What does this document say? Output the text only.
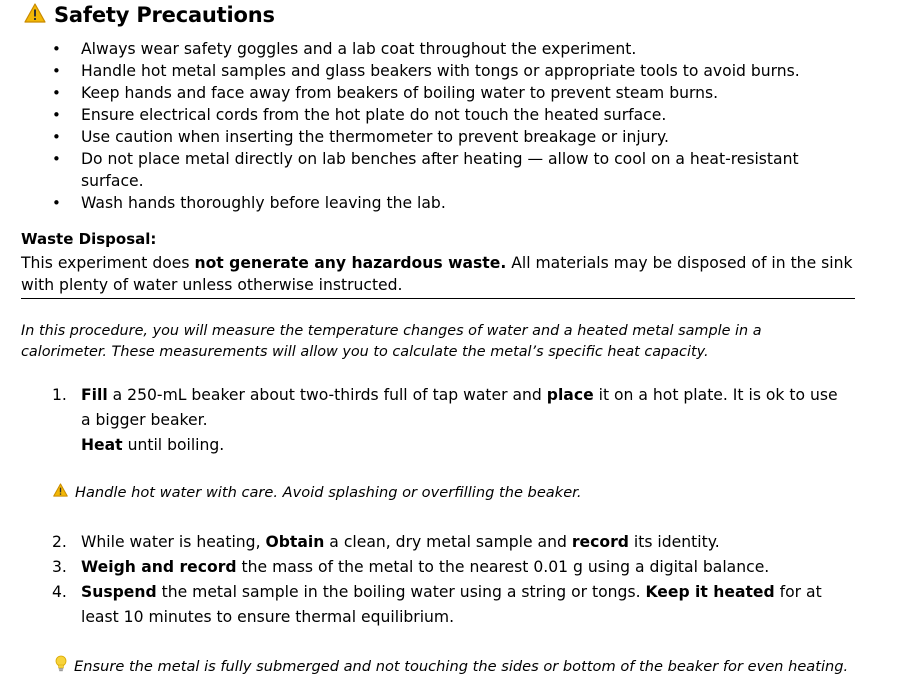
Safety Precautions
• Always wear safety goggles and a lab coat throughout the experiment.
• Handle hot metal samples and glass beakers with tongs or appropriate tools to avoid burns.
• Keep hands and face away from beakers of boiling water to prevent steam burns.
• Ensure electrical cords from the hot plate do not touch the heated surface.
• Use caution when inserting the thermometer to prevent breakage or injury.
• Do not place metal directly on lab benches after heating — allow to cool on a heat-resistant surface.
• Wash hands thoroughly before leaving the lab.
Waste Disposal:
This experiment does not generate any hazardous waste. All materials may be disposed of in the sink with plenty of water unless otherwise instructed.
In this procedure, you will measure the temperature changes of water and a heated metal sample in a calorimeter. These measurements will allow you to calculate the metal’s specific heat capacity.
1. Fill a 250-mL beaker about two-thirds full of tap water and place it on a hot plate. It is ok to use a bigger beaker.
Heat until boiling.
Handle hot water with care. Avoid splashing or overfilling the beaker.
2. While water is heating, Obtain a clean, dry metal sample and record its identity.
3. Weigh and record the mass of the metal to the nearest 0.01 g using a digital balance.
4. Suspend the metal sample in the boiling water using a string or tongs. Keep it heated for at least 10 minutes to ensure thermal equilibrium.
Ensure the metal is fully submerged and not touching the sides or bottom of the beaker for even heating.
